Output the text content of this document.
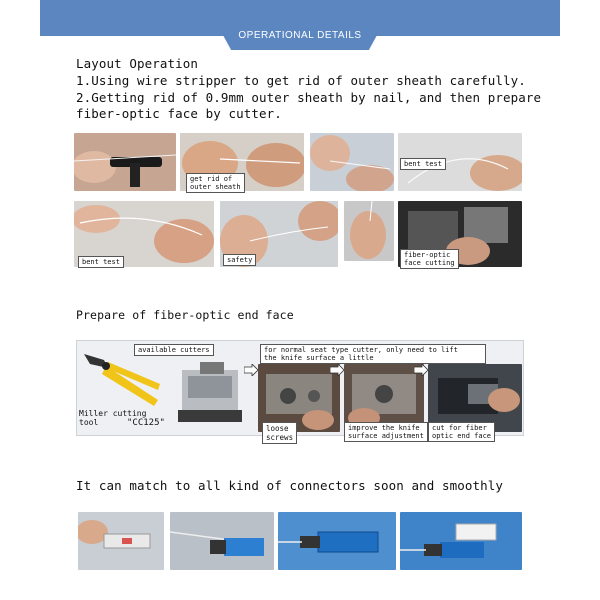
OPERATIONAL DETAILS
Layout Operation
1.Using wire stripper to get rid of outer sheath carefully.
2.Getting rid of 0.9mm outer sheath by nail, and then prepare
fiber-optic face by cutter.
get rid of
outer sheath
bent test
bent test	safety
fiber-optic
face cutting
Prepare of fiber-optic end face
available cutters	for normal seat type cutter, only need to lift
the knife surface a little
Miller cutting
tool	"CC125"
loose
screws
improve the knife
surface adjustment
cut for fiber
optic end face
It can match to all kind of connectors soon and smoothly
